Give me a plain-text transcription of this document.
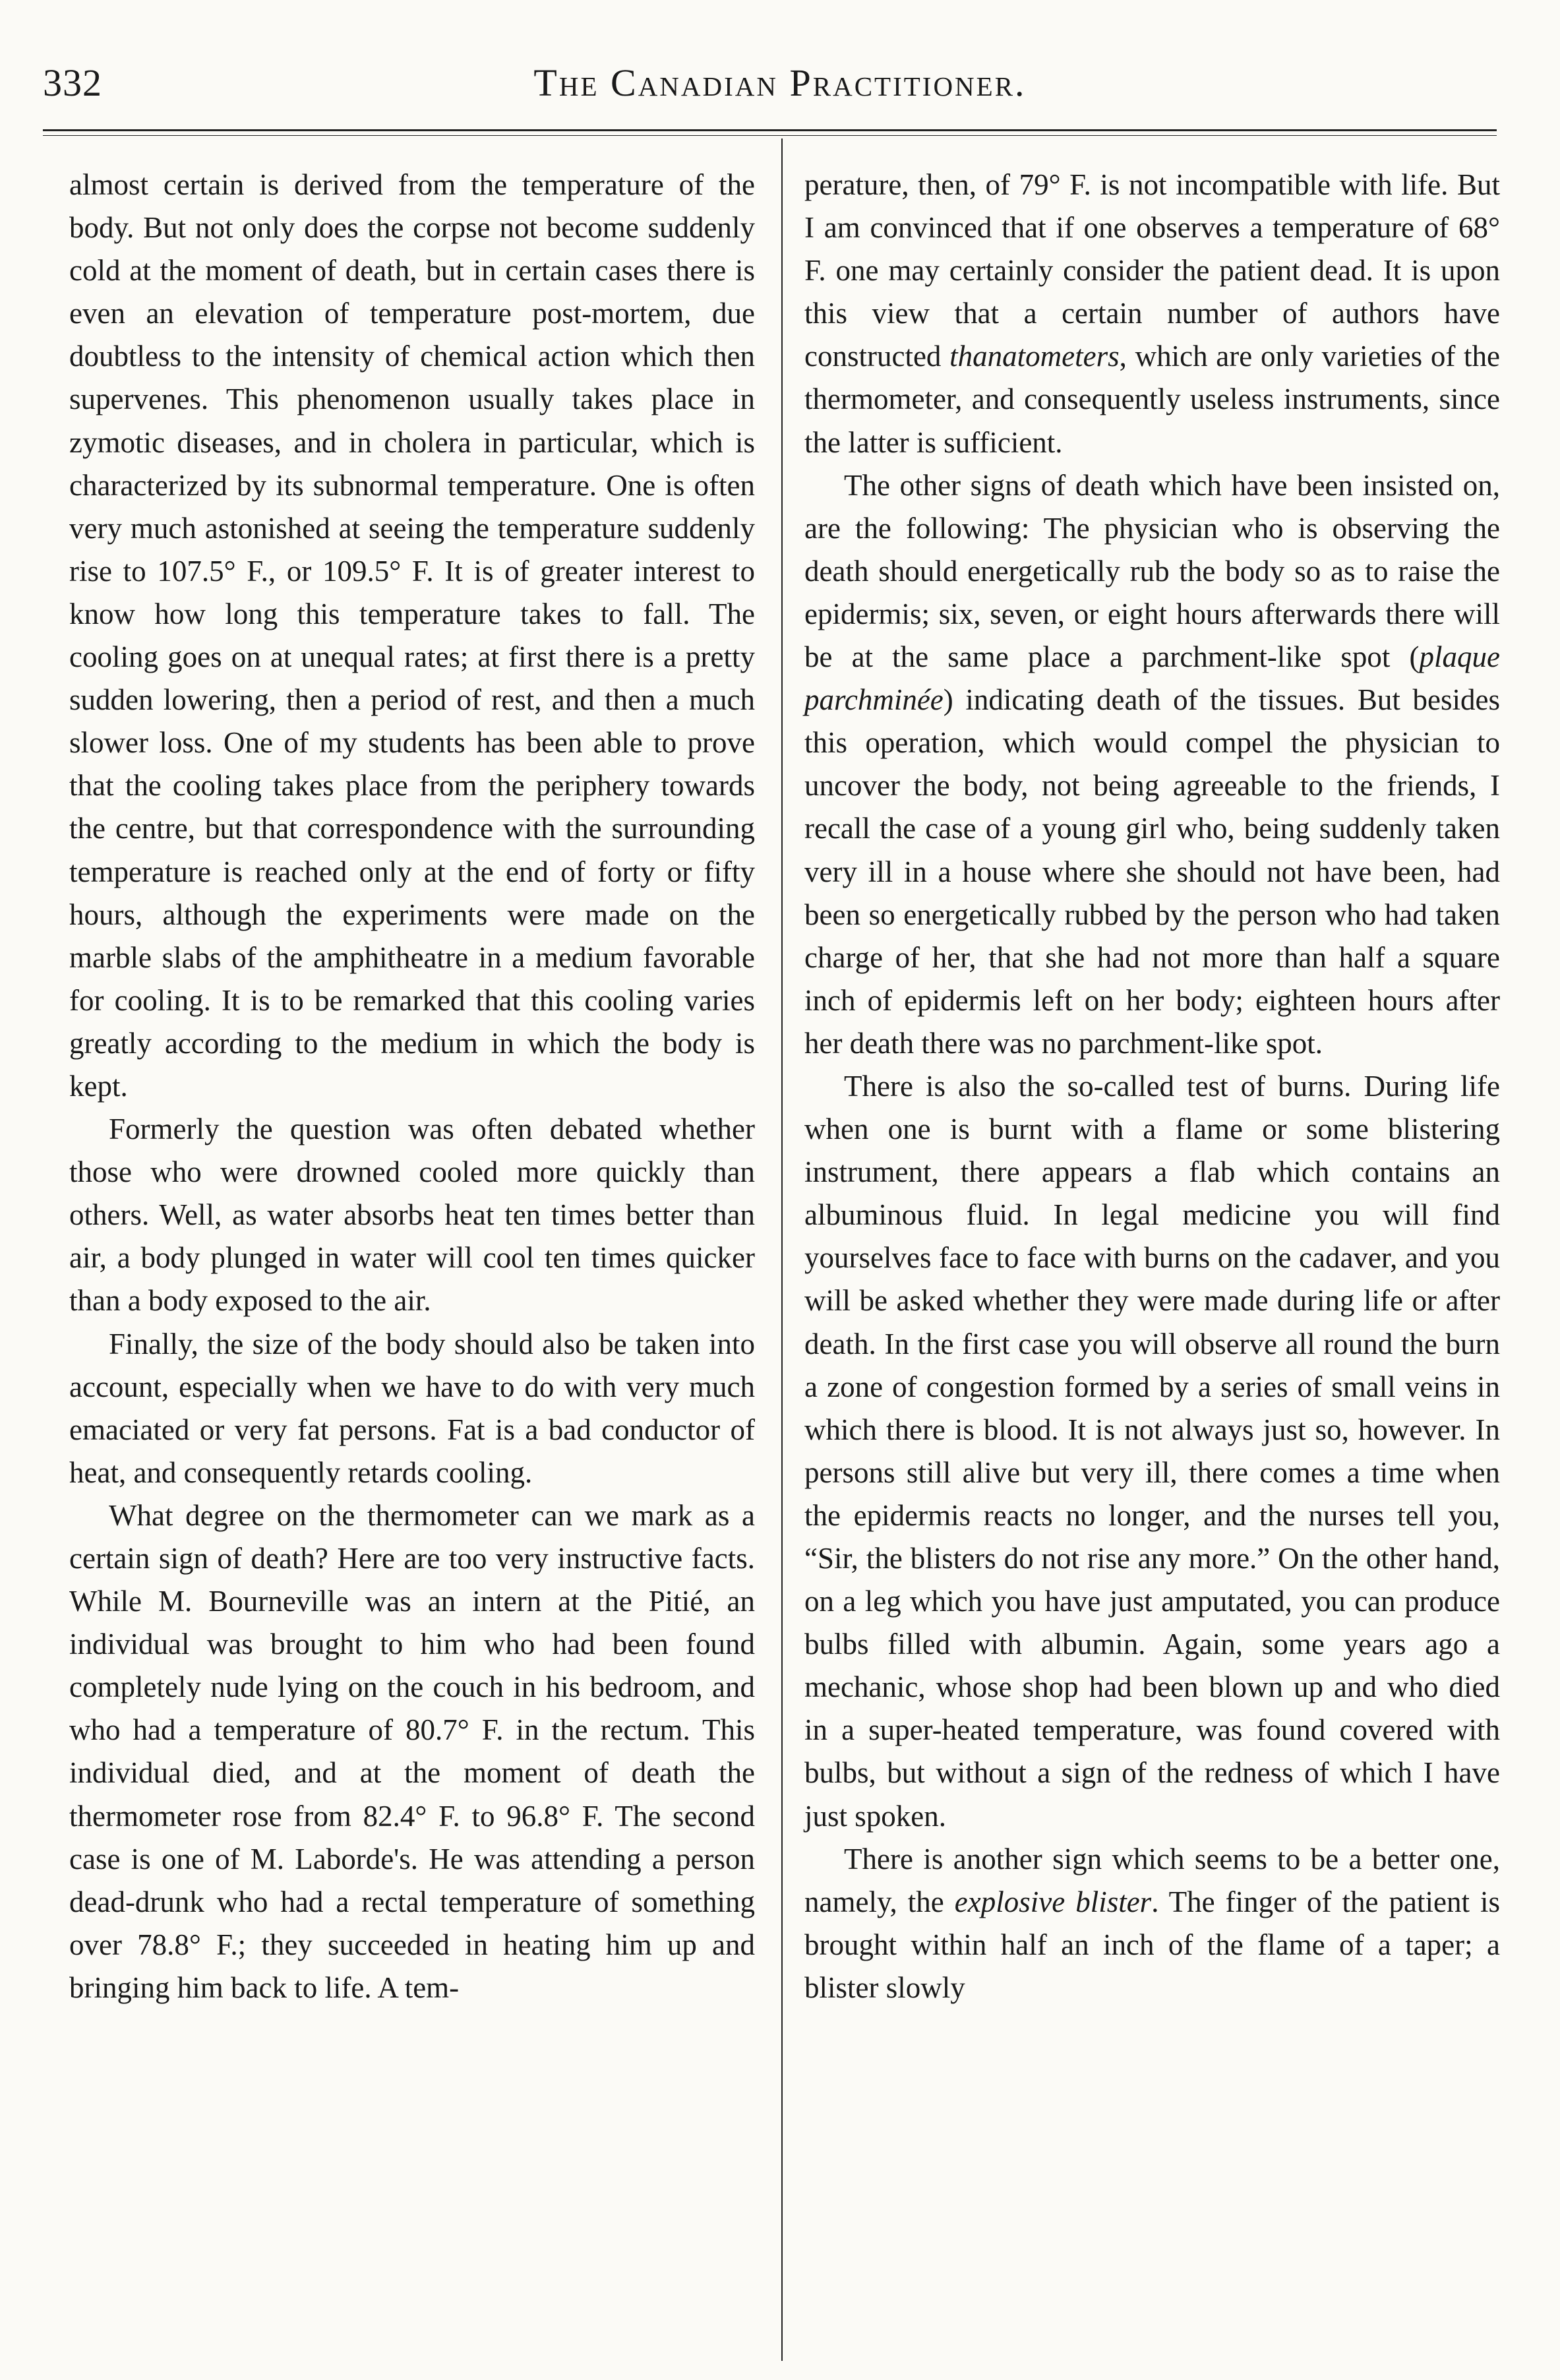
332	The Canadian Practitioner.

almost certain is derived from the temperature of the body. But not only does the corpse not become suddenly cold at the moment of death, but in certain cases there is even an elevation of temperature post-mortem, due doubtless to the intensity of chemical action which then supervenes. This phenomenon usually takes place in zymotic diseases, and in cholera in particular, which is characterized by its subnormal temperature. One is often very much astonished at seeing the temperature suddenly rise to 107.5° F., or 109.5° F. It is of greater interest to know how long this temperature takes to fall. The cooling goes on at unequal rates; at first there is a pretty sudden lowering, then a period of rest, and then a much slower loss. One of my students has been able to prove that the cooling takes place from the periphery towards the centre, but that correspondence with the surrounding temperature is reached only at the end of forty or fifty hours, although the experiments were made on the marble slabs of the amphitheatre in a medium favorable for cooling. It is to be remarked that this cooling varies greatly according to the medium in which the body is kept.

Formerly the question was often debated whether those who were drowned cooled more quickly than others. Well, as water absorbs heat ten times better than air, a body plunged in water will cool ten times quicker than a body exposed to the air.

Finally, the size of the body should also be taken into account, especially when we have to do with very much emaciated or very fat persons. Fat is a bad conductor of heat, and consequently retards cooling.

What degree on the thermometer can we mark as a certain sign of death? Here are too very instructive facts. While M. Bourneville was an intern at the Pitié, an individual was brought to him who had been found completely nude lying on the couch in his bedroom, and who had a temperature of 80.7° F. in the rectum. This individual died, and at the moment of death the thermometer rose from 82.4° F. to 96.8° F. The second case is one of M. Laborde's. He was attending a person dead-drunk who had a rectal temperature of something over 78.8° F.; they succeeded in heating him up and bringing him back to life. A tem-

perature, then, of 79° F. is not incompatible with life. But I am convinced that if one observes a temperature of 68° F. one may certainly consider the patient dead. It is upon this view that a certain number of authors have constructed thanatometers, which are only varieties of the thermometer, and consequently useless instruments, since the latter is sufficient.

The other signs of death which have been insisted on, are the following: The physician who is observing the death should energetically rub the body so as to raise the epidermis; six, seven, or eight hours afterwards there will be at the same place a parchment-like spot (plaque parchminée) indicating death of the tissues. But besides this operation, which would compel the physician to uncover the body, not being agreeable to the friends, I recall the case of a young girl who, being suddenly taken very ill in a house where she should not have been, had been so energetically rubbed by the person who had taken charge of her, that she had not more than half a square inch of epidermis left on her body; eighteen hours after her death there was no parchment-like spot.

There is also the so-called test of burns. During life when one is burnt with a flame or some blistering instrument, there appears a flab which contains an albuminous fluid. In legal medicine you will find yourselves face to face with burns on the cadaver, and you will be asked whether they were made during life or after death. In the first case you will observe all round the burn a zone of congestion formed by a series of small veins in which there is blood. It is not always just so, however. In persons still alive but very ill, there comes a time when the epidermis reacts no longer, and the nurses tell you, “Sir, the blisters do not rise any more.” On the other hand, on a leg which you have just amputated, you can produce bulbs filled with albumin. Again, some years ago a mechanic, whose shop had been blown up and who died in a super-heated temperature, was found covered with bulbs, but without a sign of the redness of which I have just spoken.

There is another sign which seems to be a better one, namely, the explosive blister. The finger of the patient is brought within half an inch of the flame of a taper; a blister slowly
